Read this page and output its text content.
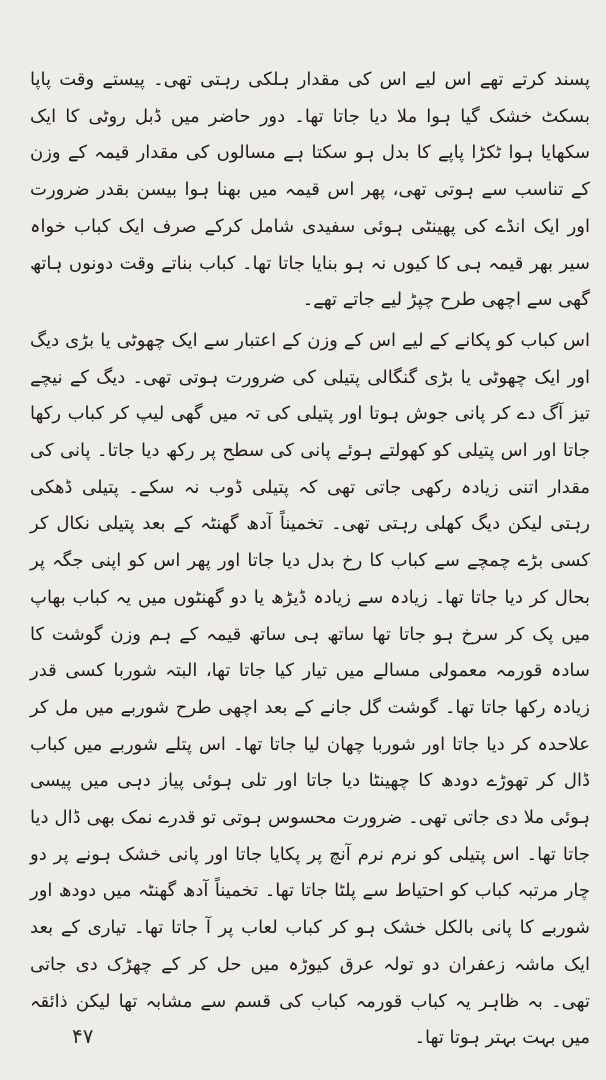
پسند کرتے تھے اس لیے اس کی مقدار ہلکی رہتی تھی۔ پیستے وقت پاپا بسکٹ خشک گیا ہوا ملا دیا جاتا تھا۔ دور حاضر میں ڈبل روٹی کا ایک سکھایا ہوا ٹکڑا پاپے کا بدل ہو سکتا ہے مسالوں کی مقدار قیمہ کے وزن کے تناسب سے ہوتی تھی، پھر اس قیمہ میں بھنا ہوا بیسن بقدر ضرورت اور ایک انڈے کی پھینٹی ہوئی سفیدی شامل کرکے صرف ایک کباب خواہ سیر بھر قیمہ ہی کا کیوں نہ ہو بنایا جاتا تھا۔ کباب بناتے وقت دونوں ہاتھ گھی سے اچھی طرح چپڑ لیے جاتے تھے۔

اس کباب کو پکانے کے لیے اس کے وزن کے اعتبار سے ایک چھوٹی یا بڑی دیگ اور ایک چھوٹی یا بڑی گنگالی پتیلی کی ضرورت ہوتی تھی۔ دیگ کے نیچے تیز آگ دے کر پانی جوش ہوتا اور پتیلی کی تہ میں گھی لیپ کر کباب رکھا جاتا اور اس پتیلی کو کھولتے ہوئے پانی کی سطح پر رکھ دیا جاتا۔ پانی کی مقدار اتنی زیادہ رکھی جاتی تھی کہ پتیلی ڈوب نہ سکے۔ پتیلی ڈھکی رہتی لیکن دیگ کھلی رہتی تھی۔ تخمیناً آدھ گھنٹہ کے بعد پتیلی نکال کر کسی بڑے چمچے سے کباب کا رخ بدل دیا جاتا اور پھر اس کو اپنی جگہ پر بحال کر دیا جاتا تھا۔ زیادہ سے زیادہ ڈیڑھ یا دو گھنٹوں میں یہ کباب بھاپ میں پک کر سرخ ہو جاتا تھا ساتھ ہی ساتھ قیمہ کے ہم وزن گوشت کا سادہ قورمہ معمولی مسالے میں تیار کیا جاتا تھا، البتہ شوربا کسی قدر زیادہ رکھا جاتا تھا۔ گوشت گل جانے کے بعد اچھی طرح شوربے میں مل کر علاحدہ کر دیا جاتا اور شوربا چھان لیا جاتا تھا۔ اس پتلے شوربے میں کباب ڈال کر تھوڑے دودھ کا چھینٹا دیا جاتا اور تلی ہوئی پیاز دہی میں پیسی ہوئی ملا دی جاتی تھی۔ ضرورت محسوس ہوتی تو قدرے نمک بھی ڈال دیا جاتا تھا۔ اس پتیلی کو نرم نرم آنچ پر پکایا جاتا اور پانی خشک ہونے پر دو چار مرتبہ کباب کو احتیاط سے پلٹا جاتا تھا۔ تخمیناً آدھ گھنٹہ میں دودھ اور شوربے کا پانی بالکل خشک ہو کر کباب لعاب پر آ جاتا تھا۔ تیاری کے بعد ایک ماشہ زعفران دو تولہ عرق کیوڑہ میں حل کر کے چھڑک دی جاتی تھی۔ بہ ظاہر یہ کباب قورمہ کباب کی قسم سے مشابہ تھا لیکن ذائقہ میں بہت بہتر ہوتا تھا۔

۴۷
